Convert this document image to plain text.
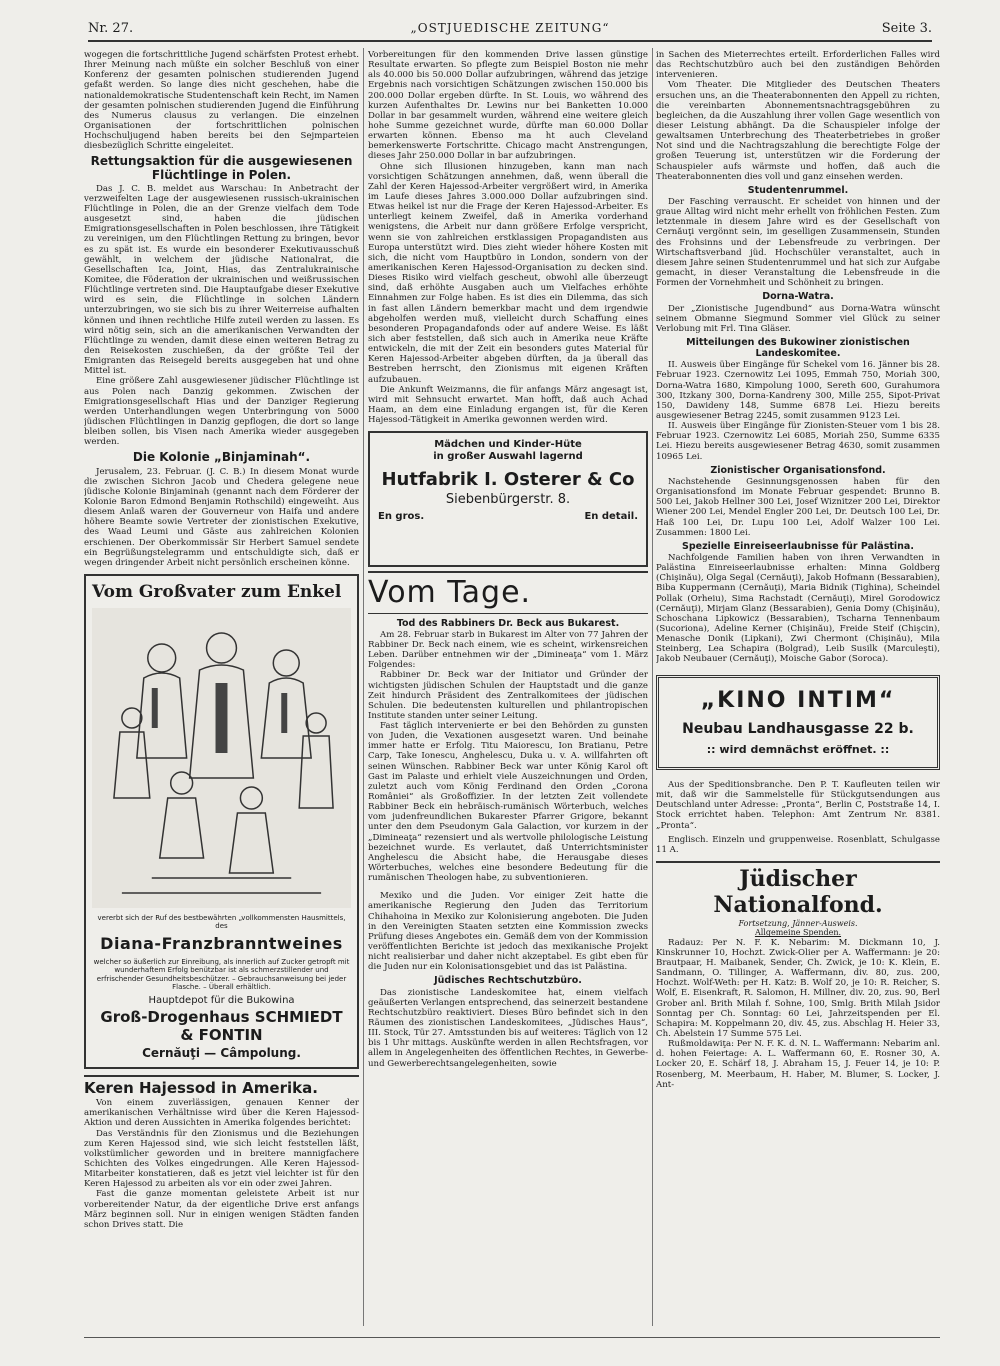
Nr. 27.	„OSTJUEDISCHE ZEITUNG“	Seite 3.

wogegen die fortschrittliche Jugend schärfsten Protest erhebt. Ihrer Meinung nach müßte ein solcher Beschluß von einer Konferenz der gesamten polnischen studierenden Jugend gefaßt werden. So lange dies nicht geschehen, habe die nationaldemokratische Studentenschaft kein Recht, im Namen der gesamten polnischen studierenden Jugend die Einführung des Numerus clausus zu verlangen. Die einzelnen Organisationen der fortschrittlichen polnischen Hochschuljugend haben bereits bei den Sejmparteien diesbezüglich Schritte eingeleitet.

Rettungsaktion für die ausgewiesenen Flüchtlinge in Polen.

Das J. C. B. meldet aus Warschau: In Anbetracht der verzweifelten Lage der ausgewiesenen russisch-ukrainischen Flüchtlinge in Polen, die an der Grenze vielfach dem Tode ausgesetzt sind, haben die jüdischen Emigrationsgesellschaften in Polen beschlossen, ihre Tätigkeit zu vereinigen, um den Flüchtlingen Rettung zu bringen, bevor es zu spät ist. Es wurde ein besonderer Exekutivausschuß gewählt, in welchem der jüdische Nationalrat, die Gesellschaften Ica, Joint, Hias, das Zentralukrainische Komitee, die Föderation der ukrainischen und weißrussischen Flüchtlinge vertreten sind. Die Hauptaufgabe dieser Exekutive wird es sein, die Flüchtlinge in solchen Ländern unterzubringen, wo sie sich bis zu ihrer Weiterreise aufhalten können und ihnen rechtliche Hilfe zuteil werden zu lassen. Es wird nötig sein, sich an die amerikanischen Verwandten der Flüchtlinge zu wenden, damit diese einen weiteren Betrag zu den Reisekosten zuschießen, da der größte Teil der Emigranten das Reisegeld bereits ausgegeben hat und ohne Mittel ist.

Eine größere Zahl ausgewiesener jüdischer Flüchtlinge ist aus Polen nach Danzig gekommen. Zwischen der Emigrationsgesellschaft Hias und der Danziger Regierung werden Unterhandlungen wegen Unterbringung von 5000 jüdischen Flüchtlingen in Danzig gepflogen, die dort so lange bleiben sollen, bis Visen nach Amerika wieder ausgegeben werden.

Die Kolonie „Binjaminah“.

Jerusalem, 23. Februar. (J. C. B.) In diesem Monat wurde die zwischen Sichron Jacob und Chedera gelegene neue jüdische Kolonie Binjaminah (genannt nach dem Förderer der Kolonie Baron Edmond Benjamin Rothschild) eingeweiht. Aus diesem Anlaß waren der Gouverneur von Haifa und andere höhere Beamte sowie Vertreter der zionistischen Exekutive, des Waad Leumi und Gäste aus zahlreichen Kolonien erschienen. Der Oberkommissär Sir Herbert Samuel sendete ein Begrüßungstelegramm und entschuldigte sich, daß er wegen dringender Arbeit nicht persönlich erscheinen könne.

Vom Großvater zum Enkel
vererbt sich der Ruf des bestbewährten „vollkommensten Hausmittels, des
Diana-Franzbranntweines
welcher so äußerlich zur Einreibung, als innerlich auf Zucker getropft mit wunderhaftem Erfolg benützbar ist als schmerzstillender und erfrischender Gesundheitsbeschützer. – Gebrauchsanweisung bei jeder Flasche. – Überall erhältlich.
Hauptdepot für die Bukowina
Groß-Drogenhaus SCHMIEDT & FONTIN
Cernăuţi — Câmpolung.
Keren Hajessod in Amerika.

Von einem zuverlässigen, genauen Kenner der amerikanischen Verhältnisse wird über die Keren Hajessod-Aktion und deren Aussichten in Amerika folgendes berichtet:

Das Verständnis für den Zionismus und die Beziehungen zum Keren Hajessod sind, wie sich leicht feststellen läßt, volkstümlicher geworden und in breitere mannigfachere Schichten des Volkes eingedrungen. Alle Keren Hajessod-Mitarbeiter konstatieren, daß es jetzt viel leichter ist für den Keren Hajessod zu arbeiten als vor ein oder zwei Jahren.

Fast die ganze momentan geleistete Arbeit ist nur vorbereitender Natur, da der eigentliche Drive erst anfangs März beginnen soll. Nur in einigen wenigen Städten fanden schon Drives statt. Die

Vorbereitungen für den kommenden Drive lassen günstige Resultate erwarten. So pflegte zum Beispiel Boston nie mehr als 40.000 bis 50.000 Dollar aufzubringen, während das jetzige Ergebnis nach vorsichtigen Schätzungen zwischen 150.000 bis 200.000 Dollar ergeben dürfte. In St. Louis, wo während des kurzen Aufenthaltes Dr. Lewins nur bei Banketten 10.000 Dollar in bar gesammelt wurden, während eine weitere gleich hohe Summe gezeichnet wurde, dürfte man 60.000 Dollar erwarten können. Ebenso ma ht auch Cleveland bemerkenswerte Fortschritte. Chicago macht Anstrengungen, dieses Jahr 250.000 Dollar in bar aufzubringen.

Ohne sich Illusionen hinzugeben, kann man nach vorsichtigen Schätzungen annehmen, daß, wenn überall die Zahl der Keren Hajessod-Arbeiter vergrößert wird, in Amerika im Laufe dieses Jahres 3.000.000 Dollar aufzubringen sind. Etwas heikel ist nur die Frage der Keren Hajessod-Arbeiter. Es unterliegt keinem Zweifel, daß in Amerika vorderhand wenigstens, die Arbeit nur dann größere Erfolge verspricht, wenn sie von zahlreichen erstklassigen Propagandisten aus Europa unterstützt wird. Dies zieht wieder höhere Kosten mit sich, die nicht vom Hauptbüro in London, sondern von der amerikanischen Keren Hajessod-Organisation zu decken sind. Dieses Risiko wird vielfach gescheut, obwohl alle überzeugt sind, daß erhöhte Ausgaben auch um Vielfaches erhöhte Einnahmen zur Folge haben. Es ist dies ein Dilemma, das sich in fast allen Ländern bemerkbar macht und dem irgendwie abgeholfen werden muß, vielleicht durch Schaffung eines besonderen Propagandafonds oder auf andere Weise. Es läßt sich aber feststellen, daß sich auch in Amerika neue Kräfte entwickeln, die mit der Zeit ein besonders gutes Material für Keren Hajessod-Arbeiter abgeben dürften, da ja überall das Bestreben herrscht, den Zionismus mit eigenen Kräften aufzubauen.

Die Ankunft Weizmanns, die für anfangs März angesagt ist, wird mit Sehnsucht erwartet. Man hofft, daß auch Achad Haam, an dem eine Einladung ergangen ist, für die Keren Hajessod-Tätigkeit in Amerika gewonnen werden wird.

Mädchen und Kinder-Hüte
in großer Auswahl lagernd
Hutfabrik I. Osterer & Co
Siebenbürgerstr. 8.
En gros.	En detail.
Vom Tage.
Tod des Rabbiners Dr. Beck aus Bukarest.

Am 28. Februar starb in Bukarest im Alter von 77 Jahren der Rabbiner Dr. Beck nach einem, wie es scheint, wirkensreichen Leben. Darüber entnehmen wir der „Dimineaţa“ vom 1. März Folgendes:

Rabbiner Dr. Beck war der Initiator und Gründer der wichtigsten jüdischen Schulen der Hauptstadt und die ganze Zeit hindurch Präsident des Zentralkomitees der jüdischen Schulen. Die bedeutensten kulturellen und philantropischen Institute standen unter seiner Leitung.

Fast täglich intervenierte er bei den Behörden zu gunsten von Juden, die Vexationen ausgesetzt waren. Und beinahe immer hatte er Erfolg. Titu Maiorescu, Ion Bratianu, Petre Carp, Take Ionescu, Anghelescu, Duka u. v. A. willfahrten oft seinen Wünschen. Rabbiner Beck war unter König Karol oft Gast im Palaste und erhielt viele Auszeichnungen und Orden, zuletzt auch vom König Ferdinand den Orden „Corona României“ als Großoffizier. In der letzten Zeit vollendete Rabbiner Beck ein hebräisch-rumänisch Wörterbuch, welches vom judenfreundlichen Bukarester Pfarrer Grigore, bekannt unter den dem Pseudonym Gala Galaction, vor kurzem in der „Dimineaţa“ rezensiert und als wertvolle philologische Leistung bezeichnet wurde. Es verlautet, daß Unterrichtsminister Anghelescu die Absicht habe, die Herausgabe dieses Wörterbuches, welches eine besondere Bedeutung für die rumänischen Theologen habe, zu subventionieren.

Mexiko und die Juden. Vor einiger Zeit hatte die amerikanische Regierung den Juden das Territorium Chihahoina in Mexiko zur Kolonisierung angeboten. Die Juden in den Vereinigten Staaten setzten eine Kommission zwecks Prüfung dieses Angebotes ein. Gemäß dem von der Kommission veröffentlichten Berichte ist jedoch das mexikanische Projekt nicht realisierbar und daher nicht akzeptabel. Es gibt eben für die Juden nur ein Kolonisationsgebiet und das ist Palästina.

Jüdisches Rechtschutzbüro.

Das zionistische Landeskomitee hat, einem vielfach geäußerten Verlangen entsprechend, das seinerzeit bestandene Rechtschutzbüro reaktiviert. Dieses Büro befindet sich in den Räumen des zionistischen Landeskomitees, „Jüdisches Haus“, III. Stock, Tür 27. Amtsstunden bis auf weiteres: Täglich von 12 bis 1 Uhr mittags. Auskünfte werden in allen Rechtsfragen, vor allem in Angelegenheiten des öffentlichen Rechtes, in Gewerbe- und Gewerberechtsangelegenheiten, sowie

in Sachen des Mieterrechtes erteilt. Erforderlichen Falles wird das Rechtschutzbüro auch bei den zuständigen Behörden intervenieren.

Vom Theater. Die Mitglieder des Deutschen Theaters ersuchen uns, an die Theaterabonnenten den Appell zu richten, die vereinbarten Abonnementsnachtragsgebühren zu begleichen, da die Auszahlung ihrer vollen Gage wesentlich von dieser Leistung abhängt. Da die Schauspieler infolge der gewaltsamen Unterbrechung des Theaterbetriebes in großer Not sind und die Nachtragszahlung die berechtigte Folge der großen Teuerung ist, unterstützen wir die Forderung der Schauspieler aufs wärmste und hoffen, daß auch die Theaterabonnenten dies voll und ganz einsehen werden.

Studentenrummel.

Der Fasching verrauscht. Er scheidet von hinnen und der graue Alltag wird nicht mehr erhellt von fröhlichen Festen. Zum letztenmale in diesem Jahre wird es der Gesellschaft von Cernăuţi vergönnt sein, im geselligen Zusammensein, Stunden des Frohsinns und der Lebensfreude zu verbringen. Der Wirtschaftsverband jüd. Hochschüler veranstaltet, auch in diesem Jahre seinen Studentenrummel und hat sich zur Aufgabe gemacht, in dieser Veranstaltung die Lebensfreude in die Formen der Vornehmheit und Schönheit zu bringen.

Dorna-Watra.

Der „Zionistische Jugendbund“ aus Dorna-Watra wünscht seinem Obmanne Siegmund Sommer viel Glück zu seiner Verlobung mit Frl. Tina Gläser.

Mitteilungen des Bukowiner zionistischen Landeskomitee.

II. Ausweis über Eingänge für Schekel vom 16. Jänner bis 28. Februar 1923. Czernowitz Lei 1095, Emmah 750, Moriah 300, Dorna-Watra 1680, Kimpolung 1000, Sereth 600, Gurahumora 300, Itzkany 300, Dorna-Kandreny 300, Mille 255, Sipot-Privat 150, Dawideny 148, Summe 6878 Lei. Hiezu bereits ausgewiesener Betrag 2245, somit zusammen 9123 Lei.

II. Ausweis über Eingänge für Zionisten-Steuer vom 1 bis 28. Februar 1923. Czernowitz Lei 6085, Moriah 250, Summe 6335 Lei. Hiezu bereits ausgewiesener Betrag 4630, somit zusammen 10965 Lei.

Zionistischer Organisationsfond.

Nachstehende Gesinnungsgenossen haben für den Organisationsfond im Monate Februar gespendet: Brunno B. 500 Lei, Jakob Hellner 300 Lei, Josef Wiznitzer 200 Lei, Direktor Wiener 200 Lei, Mendel Engler 200 Lei, Dr. Deutsch 100 Lei, Dr. Haß 100 Lei, Dr. Lupu 100 Lei, Adolf Walzer 100 Lei. Zusammen: 1800 Lei.

Spezielle Einreiseerlaubnisse für Palästina.

Nachfolgende Familien haben von ihren Verwandten in Palästina Einreiseerlaubnisse erhalten: Minna Goldberg (Chişinău), Olga Segal (Cernăuţi), Jakob Hofmann (Bessarabien), Biba Kuppermann (Cernăuţi), Maria Bidnik (Tighina), Scheindel Pollak (Orheiu), Sima Rachstadt (Cernăuţi), Mirel Gorodowicz (Cernăuţi), Mirjam Glanz (Bessarabien), Genia Domy (Chişinău), Schoschana Lipkowicz (Bessarabien), Tscharna Tennenbaum (Sucoriona), Adeline Kerner (Chişinău), Freide Steif (Chişcin), Menasche Donik (Lipkani), Zwi Chermont (Chişinău), Mila Steinberg, Lea Schapira (Bolgrad), Leib Susilk (Marculeşti), Jakob Neubauer (Cernăuţi), Moische Gabor (Soroca).

„KINO INTIM“
Neubau Landhausgasse 22 b.
:: wird demnächst eröffnet. ::

Aus der Speditionsbranche. Den P. T. Kaufleuten teilen wir mit, daß wir die Sammelstelle für Stückgutsendungen aus Deutschland unter Adresse: „Pronta“, Berlin C, Poststraße 14, I. Stock errichtet haben. Telephon: Amt Zentrum Nr. 8381. „Pronta“.

Englisch. Einzeln und gruppenweise. Rosenblatt, Schulgasse 11 A.

Jüdischer Nationalfond.
Fortsetzung, Jänner-Ausweis.
Allgemeine Spenden.

Radauz: Per N. F. K. Nebarim: M. Dickmann 10, J. Kinskrunner 10, Hochzt. Zwick-Olier per A. Waffermann: je 20: Brautpaar, H. Maibanek, Sender, Ch. Zwick, je 10: K. Klein, E. Sandmann, O. Tillinger, A. Waffermann, div. 80, zus. 200, Hochzt. Wolf-Weth: per H. Katz: B. Wolf 20, je 10: R. Reicher, S. Wolf, E. Eisenkraft, R. Salomon, H. Millner, div. 20, zus. 90, Berl Grober anl. Brith Milah f. Sohne, 100, Smlg. Brith Milah Jsidor Sonntag per Ch. Sonntag: 60 Lei, Jahrzeitspenden per El. Schapira: M. Koppelmann 20, div. 45, zus. Abschlag H. Heier 33, Ch. Abelstein 17 Summe 575 Lei.

Rußmoldawiţa: Per N. F. K. d. N. L. Waffermann: Nebarim anl. d. hohen Feiertage: A. L. Waffermann 60, E. Rosner 30, A. Locker 20, E. Schärf 18, J. Abraham 15, J. Feuer 14, je 10: P. Rosenberg, M. Meerbaum, H. Haber, M. Blumer, S. Locker, J. Ant-
